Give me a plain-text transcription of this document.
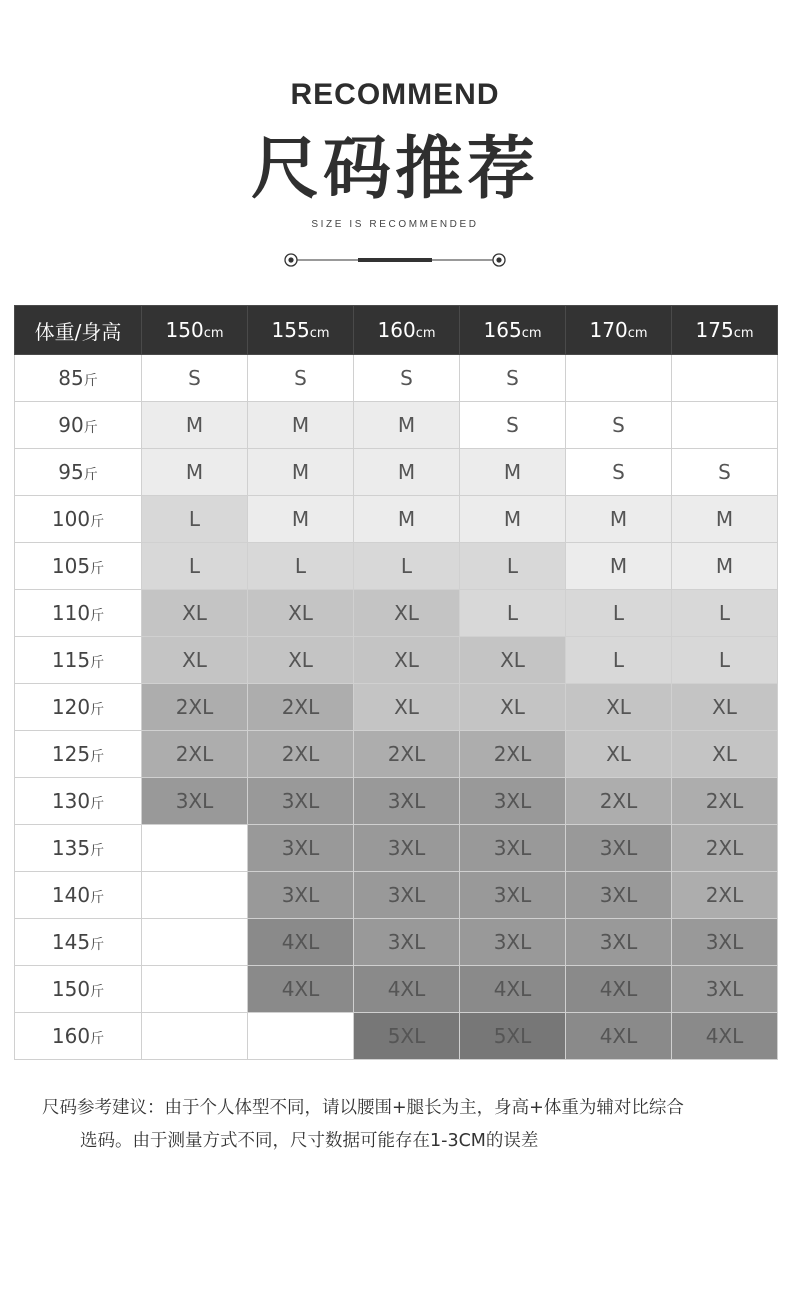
RECOMMEND
尺码推荐
SIZE IS RECOMMENDED
体重/身高	150cm	155cm	160cm	165cm	170cm	175cm
85斤	S	S	S	S		
90斤	M	M	M	S	S	
95斤	M	M	M	M	S	S
100斤	L	M	M	M	M	M
105斤	L	L	L	L	M	M
110斤	XL	XL	XL	L	L	L
115斤	XL	XL	XL	XL	L	L
120斤	2XL	2XL	XL	XL	XL	XL
125斤	2XL	2XL	2XL	2XL	XL	XL
130斤	3XL	3XL	3XL	3XL	2XL	2XL
135斤		3XL	3XL	3XL	3XL	2XL
140斤		3XL	3XL	3XL	3XL	2XL
145斤		4XL	3XL	3XL	3XL	3XL
150斤		4XL	4XL	4XL	4XL	3XL
160斤			5XL	5XL	4XL	4XL
尺码参考建议：由于个人体型不同，请以腰围+腿长为主，身高+体重为辅对比综合
选码。由于测量方式不同，尺寸数据可能存在1-3CM的误差
